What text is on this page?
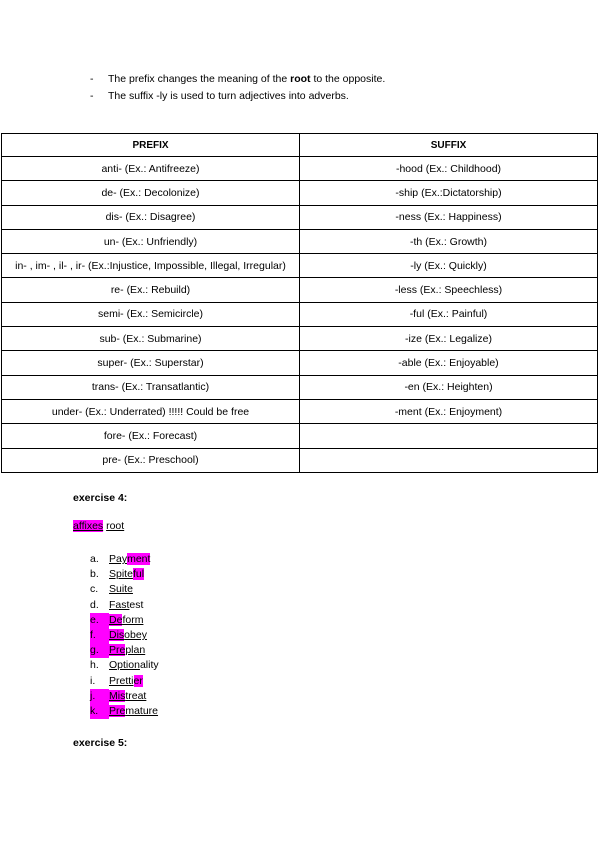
-	The prefix changes the meaning of the root to the opposite.
-	The suffix -ly is used to turn adjectives into adverbs.
PREFIX	SUFFIX
anti- (Ex.: Antifreeze)	-hood (Ex.: Childhood)
de- (Ex.: Decolonize)	-ship (Ex.:Dictatorship)
dis- (Ex.: Disagree)	-ness (Ex.: Happiness)
un- (Ex.: Unfriendly)	-th (Ex.: Growth)
in- , im- , il- , ir- (Ex.:Injustice, Impossible, Illegal, Irregular)	-ly (Ex.: Quickly)
re- (Ex.: Rebuild)	-less (Ex.: Speechless)
semi- (Ex.: Semicircle)	-ful (Ex.: Painful)
sub- (Ex.: Submarine)	-ize (Ex.: Legalize)
super- (Ex.: Superstar)	-able (Ex.: Enjoyable)
trans- (Ex.: Transatlantic)	-en (Ex.: Heighten)
under- (Ex.: Underrated) !!!!! Could be free	-ment (Ex.: Enjoyment)
fore- (Ex.: Forecast)	
pre- (Ex.: Preschool)	
exercise 4:
affixes root
a. Payment
b. Spiteful
c.	Suite
d. Fastest
e. Deform
f.	Disobey
g. Preplan
h. Optionality
i.	Prettier
j.	Mistreat
k.	Premature
exercise 5:
